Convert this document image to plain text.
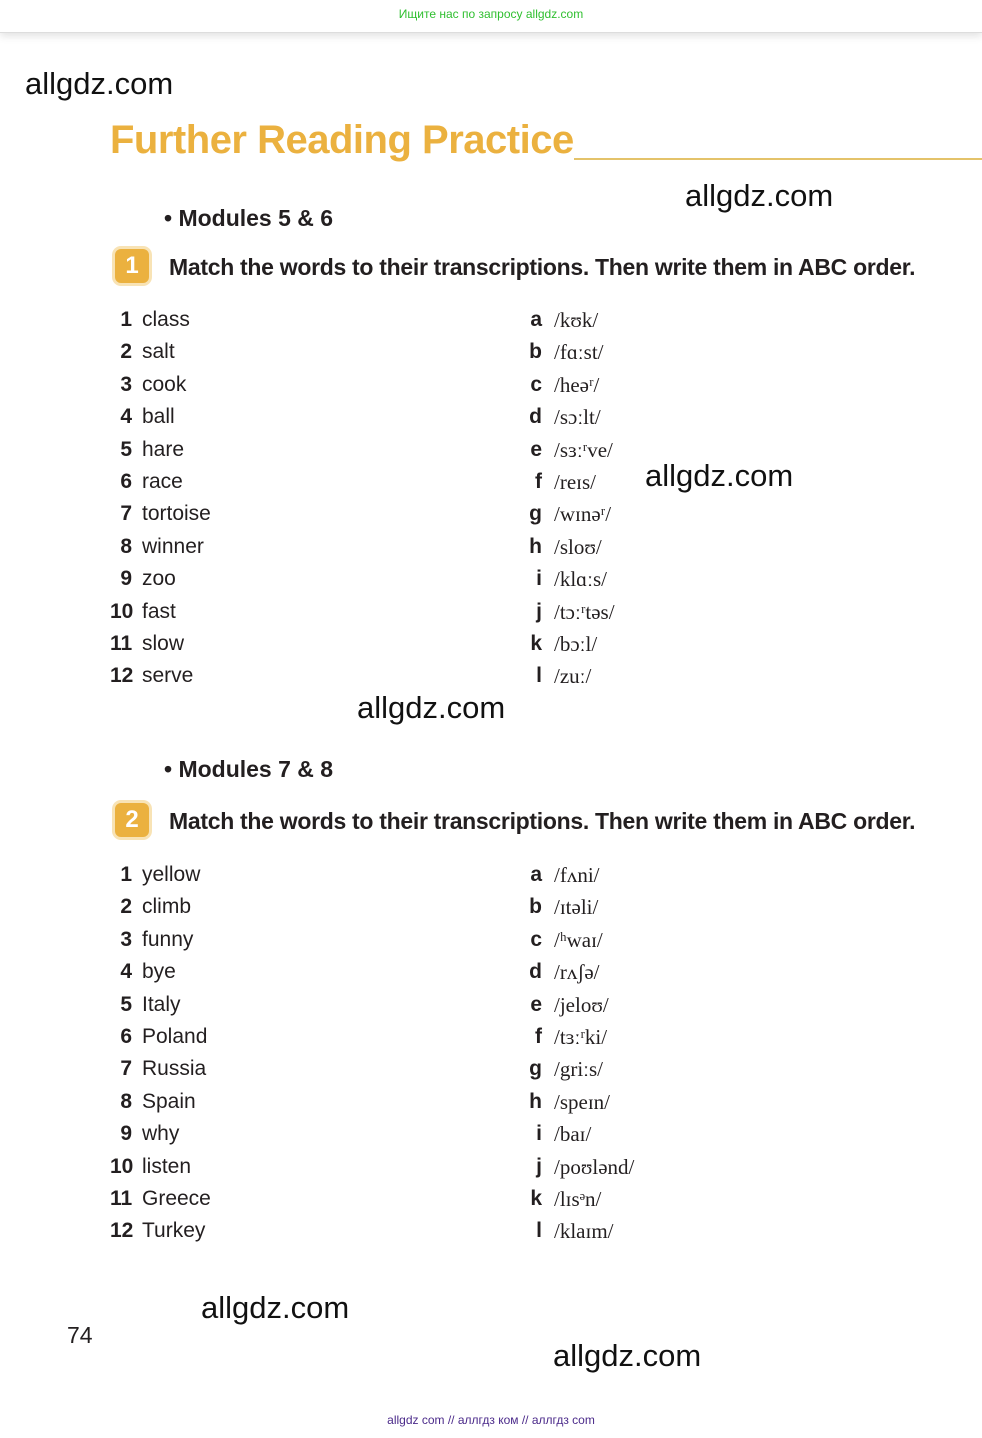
Ищите нас по запросу allgdz.com
allgdz.com
allgdz.com
allgdz.com
allgdz.com
allgdz.com
allgdz.com
Further Reading Practice
• Modules 5 & 6
1	Match the words to their transcriptions. Then write them in ABC order.
1 class
2 salt
3 cook
4 ball
5 hare
6 race
7 tortoise
8 winner
9 zoo
10 fast
11 slow
12 serve
a /kʊk/
b /fɑːst/
c /heəʳ/
d /sɔːlt/
e /sɜːʳve/
f /reɪs/
g /wɪnəʳ/
h /sloʊ/
i /klɑːs/
j /tɔːʳtəs/
k /bɔːl/
l /zuː/
• Modules 7 & 8
2	Match the words to their transcriptions. Then write them in ABC order.
1 yellow
2 climb
3 funny
4 bye
5 Italy
6 Poland
7 Russia
8 Spain
9 why
10 listen
11 Greece
12 Turkey
a /fʌni/
b /ɪtəli/
c /ʰwaɪ/
d /rʌʃə/
e /jeloʊ/
f /tɜːʳki/
g /griːs/
h /speɪn/
i /baɪ/
j /poʊlənd/
k /lɪsᵊn/
l /klaɪm/
74
allgdz com // аллгдз ком // аллгдз com
